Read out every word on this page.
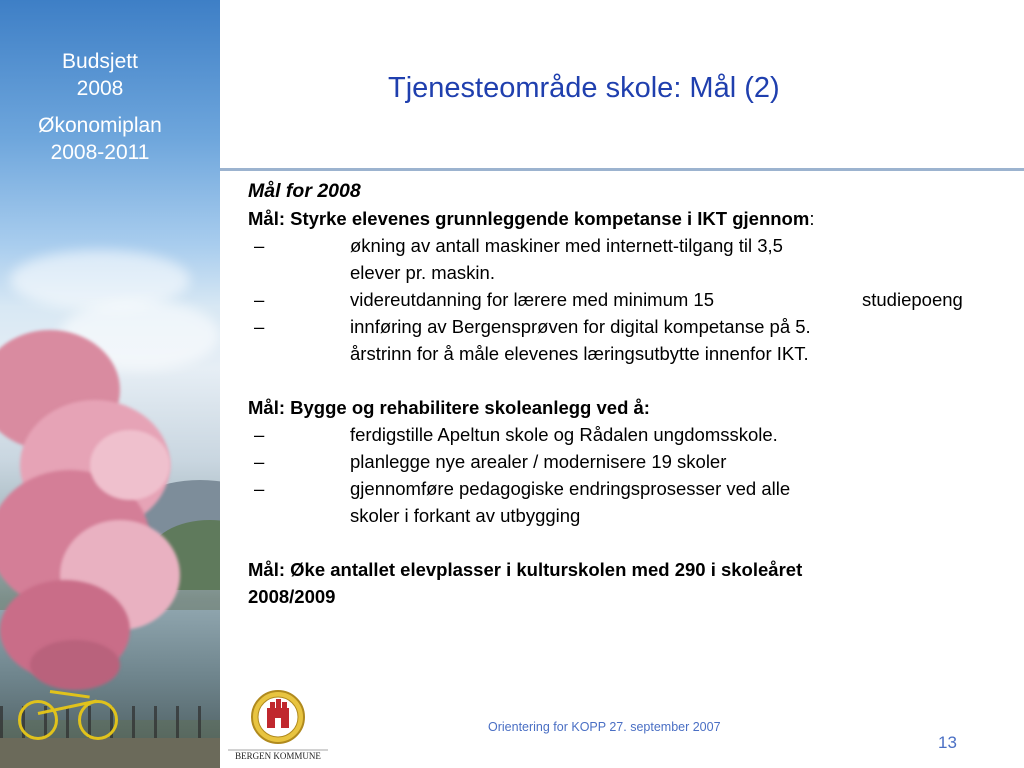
Budsjett
2008
Økonomiplan
2008-2011
Tjenesteområde skole: Mål (2)
Mål for 2008
Mål: Styrke elevenes grunnleggende kompetanse i IKT gjennom:
–	økning av antall maskiner med internett-tilgang til 3,5
elever pr. maskin.
–	videreutdanning for lærere med minimum 15	studiepoeng
–	innføring av Bergensprøven for digital kompetanse på 5.
årstrinn for å måle elevenes læringsutbytte innenfor IKT.
Mål: Bygge og rehabilitere skoleanlegg ved å:
–	ferdigstille Apeltun skole og Rådalen ungdomsskole.
–	planlegge nye arealer / modernisere 19 skoler
–	gjennomføre pedagogiske endringsprosesser ved alle
skoler i forkant av utbygging
Mål: Øke antallet elevplasser i kulturskolen med 290 i skoleåret
2008/2009
BERGEN KOMMUNE
Orientering for KOPP 27. september 2007
13
